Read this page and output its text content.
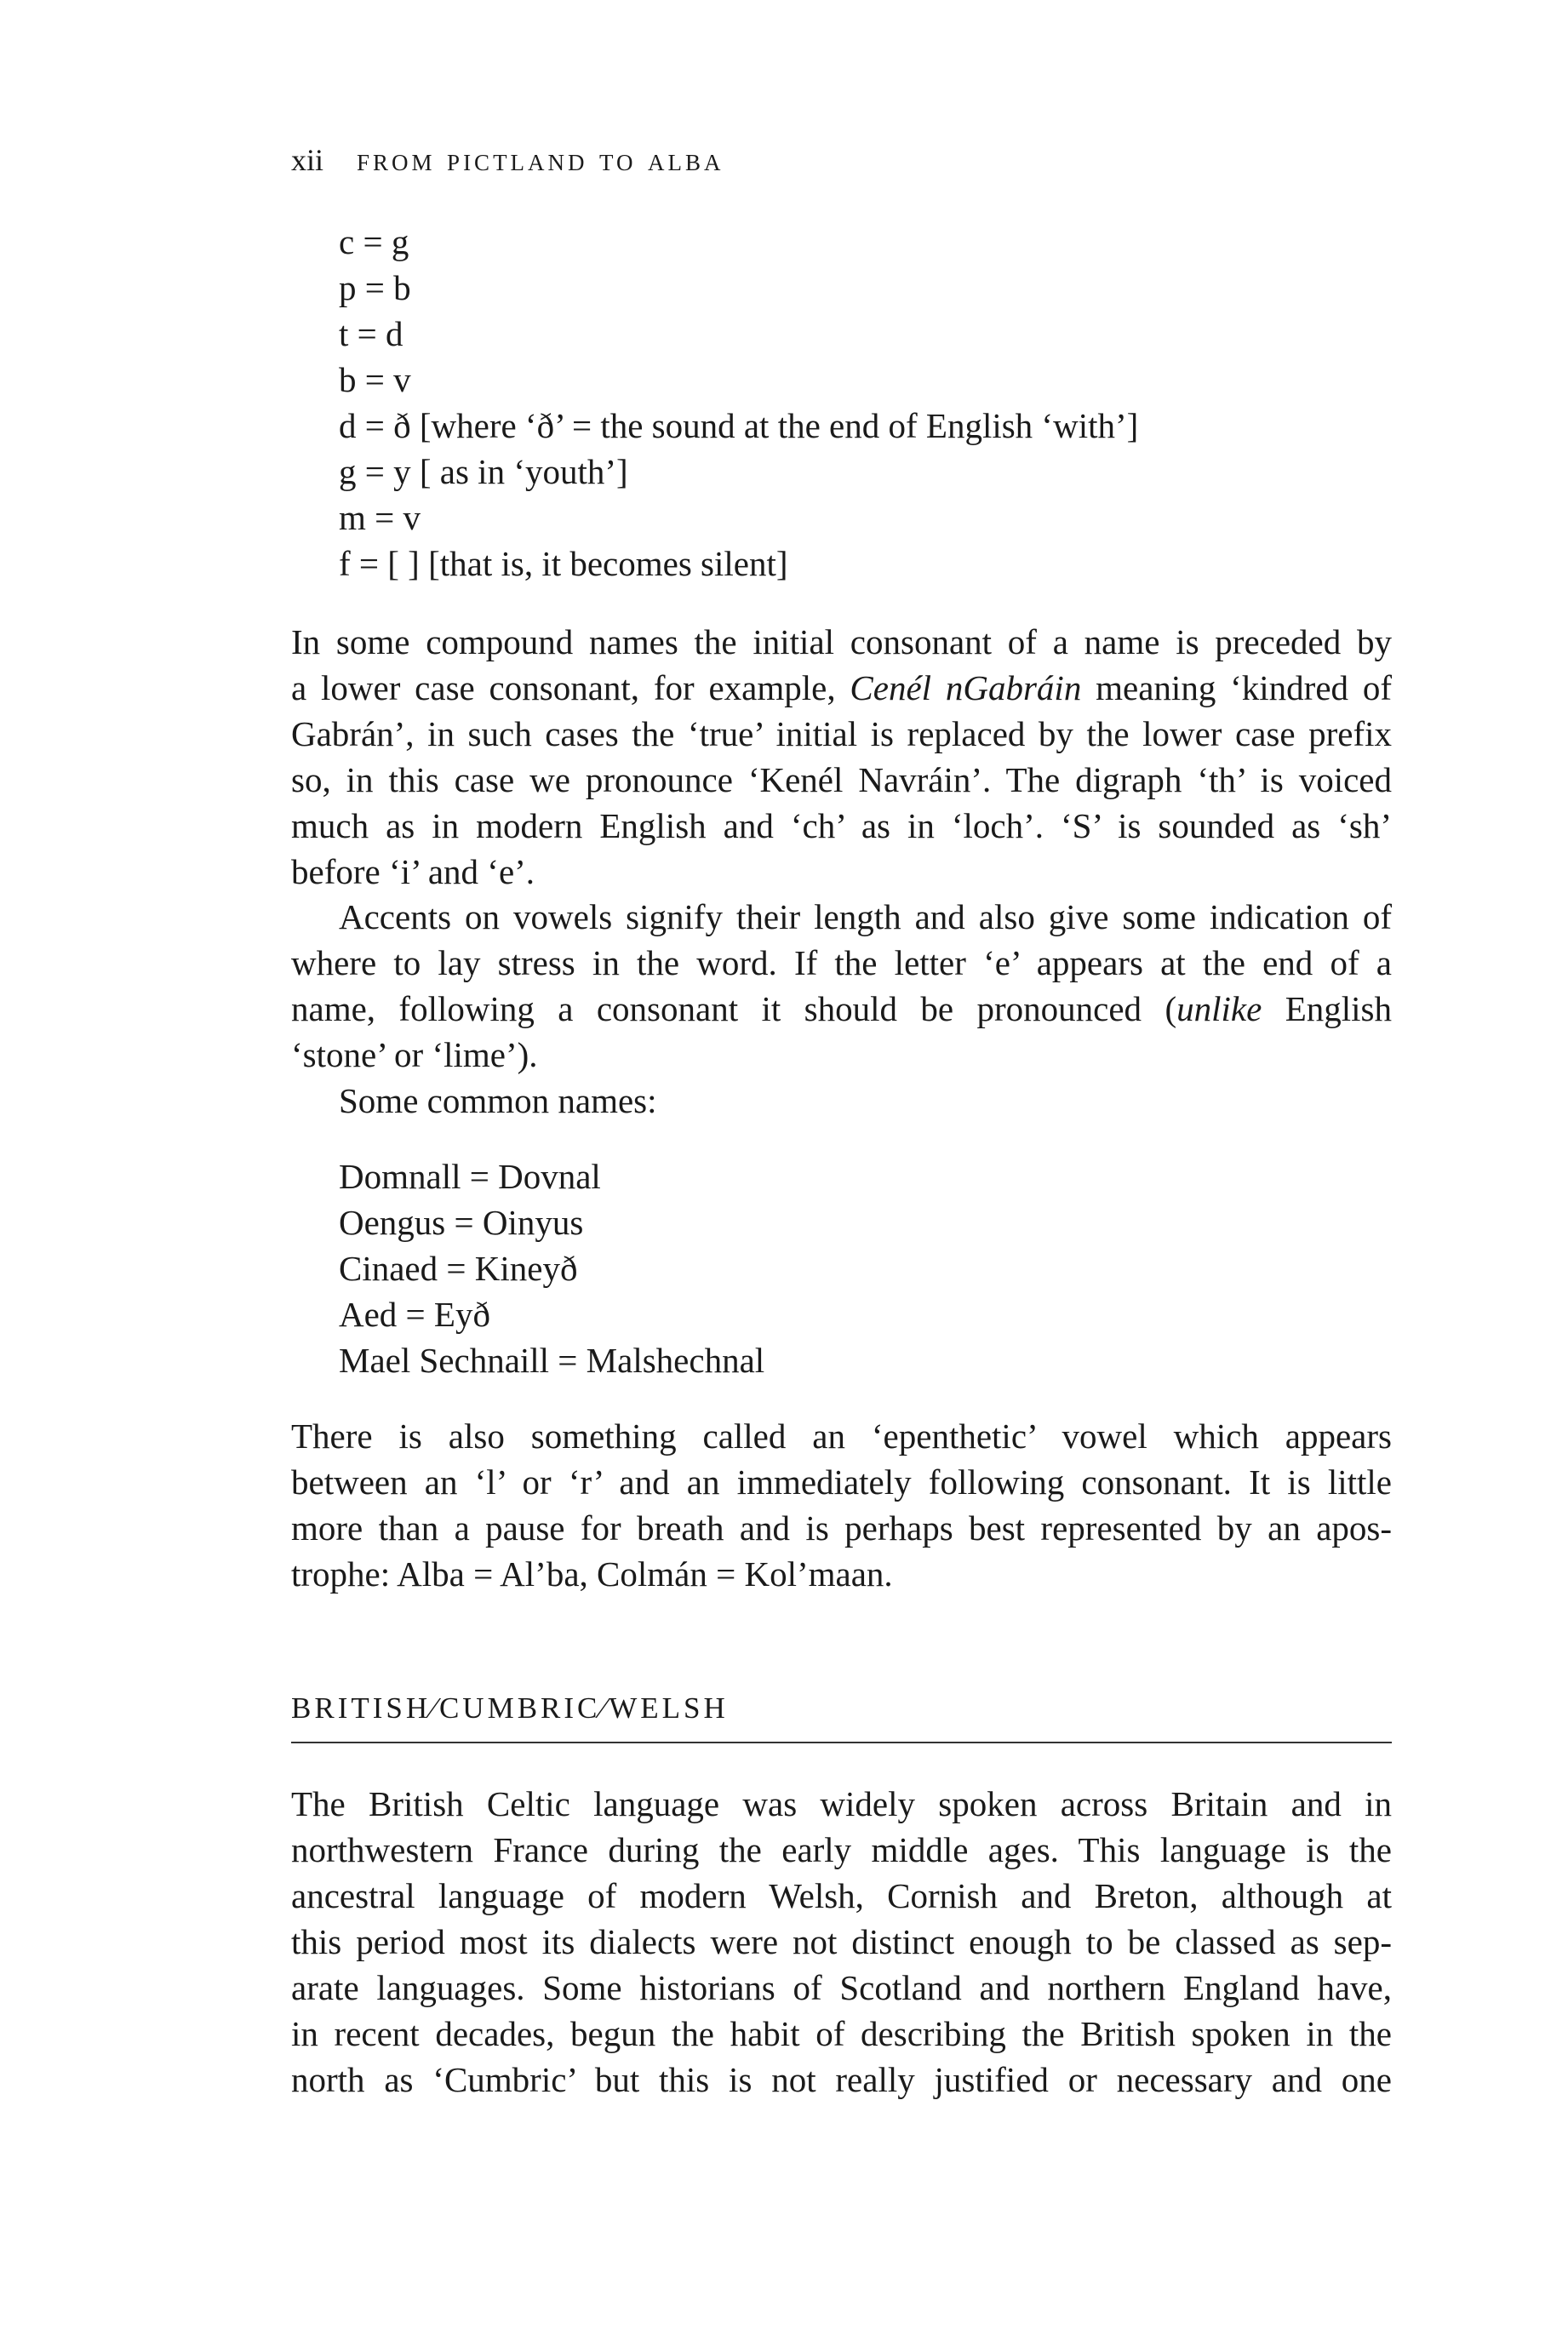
xii from pictland to alba
c = g
p = b
t = d
b = v
d = ð [where ‘ð’ = the sound at the end of English ‘with’]
g = y [ as in ‘youth’]
m = v
f = [ ] [that is, it becomes silent]
In some compound names the initial consonant of a name is preceded by
a lower case consonant, for example, Cenél nGabráin meaning ‘kindred of
Gabrán’, in such cases the ‘true’ initial is replaced by the lower case prefix
so, in this case we pronounce ‘Kenél Navráin’. The digraph ‘th’ is voiced
much as in modern English and ‘ch’ as in ‘loch’. ‘S’ is sounded as ‘sh’
before ‘i’ and ‘e’.
Accents on vowels signify their length and also give some indication of
where to lay stress in the word. If the letter ‘e’ appears at the end of a
name, following a consonant it should be pronounced (unlike English
‘stone’ or ‘lime’).
Some common names:
Domnall = Dovnal
Oengus = Oinyus
Cinaed = Kineyð
Aed = Eyð
Mael Sechnaill = Malshechnal
There is also something called an ‘epenthetic’ vowel which appears
between an ‘l’ or ‘r’ and an immediately following consonant. It is little
more than a pause for breath and is perhaps best represented by an apos-
trophe: Alba = Al’ba, Colmán = Kol’maan.
BRITISH⁄CUMBRIC⁄WELSH
The British Celtic language was widely spoken across Britain and in
northwestern France during the early middle ages. This language is the
ancestral language of modern Welsh, Cornish and Breton, although at
this period most its dialects were not distinct enough to be classed as sep-
arate languages. Some historians of Scotland and northern England have,
in recent decades, begun the habit of describing the British spoken in the
north as ‘Cumbric’ but this is not really justified or necessary and one
